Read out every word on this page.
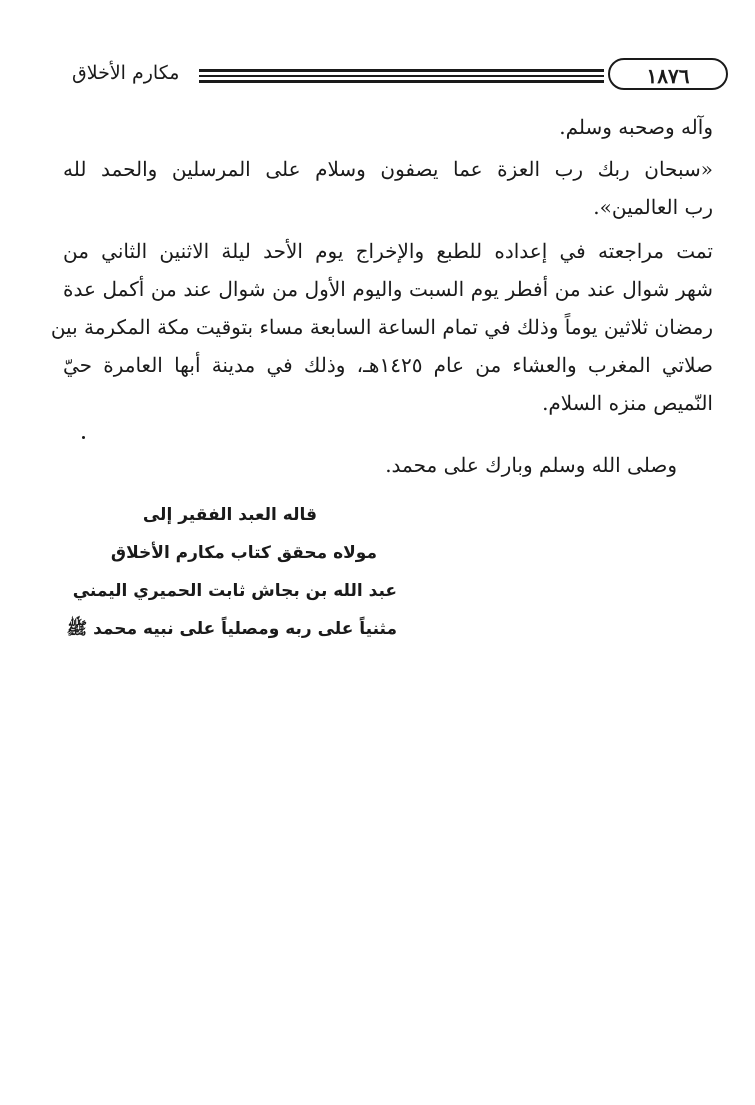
مكارم الأخلاق	١٨٧٦
وآله وصحبه وسلم.
«سبحان ربك رب العزة عما يصفون وسلام على المرسلين والحمد لله
رب العالمين».
تمت مراجعته في إعداده للطبع والإخراج يوم الأحد ليلة الاثنين الثاني من
شهر شوال عند من أفطر يوم السبت واليوم الأول من شوال عند من أكمل عدة
رمضان ثلاثين يوماً وذلك في تمام الساعة السابعة مساء بتوقيت مكة المكرمة بين
صلاتي المغرب والعشاء من عام ١٤٢٥هـ، وذلك في مدينة أبها العامرة حيّ
النّميص منزه السلام.
وصلى الله وسلم وبارك على محمد.
قاله العبد الفقير إلى
مولاه محقق كتاب مكارم الأخلاق
عبد الله بن بجاش ثابت الحميري اليمني
مثنياً على ربه ومصلياً على نبيه محمد ﷺ
